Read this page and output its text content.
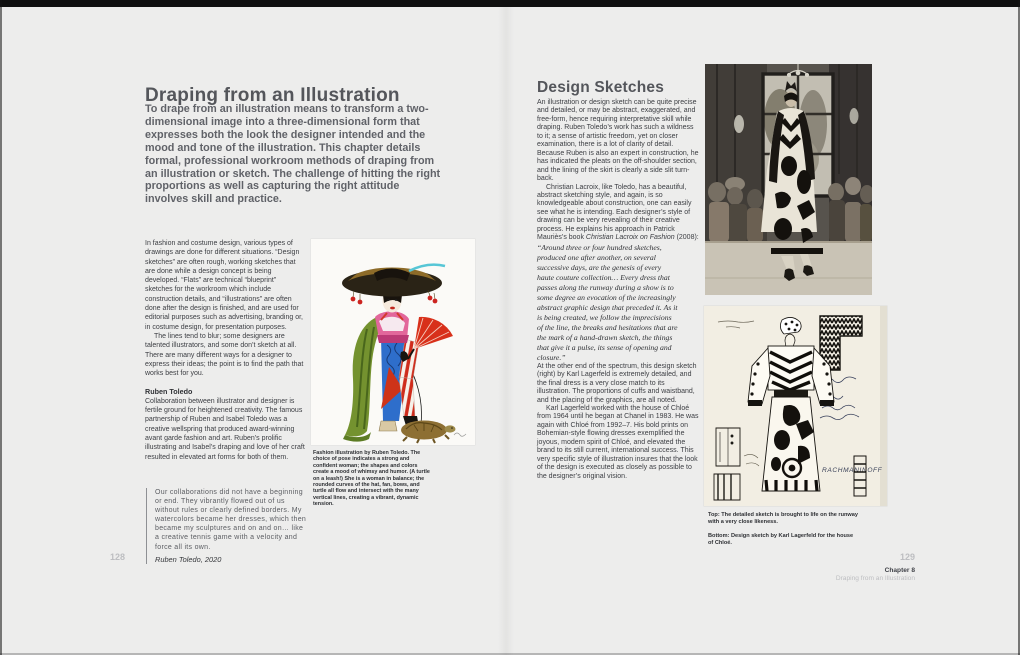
Draping from an Illustration
To drape from an illustration means to transform a two-dimensional image into a three-dimensional form that expresses both the look the designer intended and the mood and tone of the illustration. This chapter details formal, professional workroom methods of draping from an illustration or sketch. The challenge of hitting the right proportions as well as capturing the right attitude involves skill and practice.

In fashion and costume design, various types of drawings are done for different situations. “Design sketches” are often rough, working sketches that are done while a design concept is being developed. “Flats” are technical “blueprint” sketches for the workroom which include construction details, and “illustrations” are often done after the design is finished, and are used for editorial purposes such as advertising, branding or, in costume design, for presentation purposes.

The lines tend to blur; some designers are talented illustrators, and some don’t sketch at all. There are many different ways for a designer to express their ideas; the point is to find the path that works best for you.

Ruben Toledo

Collaboration between illustrator and designer is fertile ground for heightened creativity. The famous partnership of Ruben and Isabel Toledo was a creative wellspring that produced award-winning avant garde fashion and art. Ruben’s prolific illustrating and Isabel’s draping and love of her craft resulted in elevated art forms for both of them.

Our collaborations did not have a beginning or end. They vibrantly flowed out of us without rules or clearly defined borders. My watercolors became her dresses, which then became my sculptures and on and on… like a creative tennis game with a velocity and force all its own.
Ruben Toledo, 2020
128
Fashion illustration by Ruben Toledo. The choice of pose indicates a strong and confident woman; the shapes and colors create a mood of whimsy and humor. (A turtle on a leash!) She is a woman in balance; the rounded curves of the hat, fan, bows, and turtle all flow and intersect with the many vertical lines, creating a vibrant, dynamic tension.
Design Sketches

An illustration or design sketch can be quite precise and detailed, or may be abstract, exaggerated, and free-form, hence requiring interpretative skill while draping. Ruben Toledo’s work has such a wildness to it; a sense of artistic freedom, yet on closer examination, there is a lot of clarity of detail. Because Ruben is also an expert in construction, he has indicated the pleats on the off-shoulder section, and the lining of the skirt is clearly a side slit turn-back.

Christian Lacroix, like Toledo, has a beautiful, abstract sketching style, and again, is so knowledgeable about construction, one can easily see what he is intending. Each designer’s style of drawing can be very revealing of their creative process. He explains his approach in Patrick Mauriès’s book Christian Lacroix on Fashion (2008):

“Around three or four hundred sketches, produced one after another, on several successive days, are the genesis of every haute couture collection… Every dress that passes along the runway during a show is to some degree an evocation of the increasingly abstract graphic design that preceded it. As it is being created, we follow the imprecisions of the line, the breaks and hesitations that are the mark of a hand-drawn sketch, the things that give it a pulse, its sense of opening and closure.”

At the other end of the spectrum, this design sketch (right) by Karl Lagerfeld is extremely detailed, and the final dress is a very close match to its illustration. The proportions of cuffs and waistband, and the placing of the graphics, are all noted.

Karl Lagerfeld worked with the house of Chloé from 1964 until he began at Chanel in 1983. He was again with Chloé from 1992–7. His bold prints on Bohemian-style flowing dresses exemplified the joyous, modern spirit of Chloé, and elevated the brand to its still current, international success. This very specific style of illustration insures that the look of the design is executed as closely as possible to the designer’s original vision.

RACHMANINOFF

Top: The detailed sketch is brought to life on the runway with a very close likeness.

Bottom: Design sketch by Karl Lagerfeld for the house of Chloé.

129
Chapter 8
Draping from an Illustration
